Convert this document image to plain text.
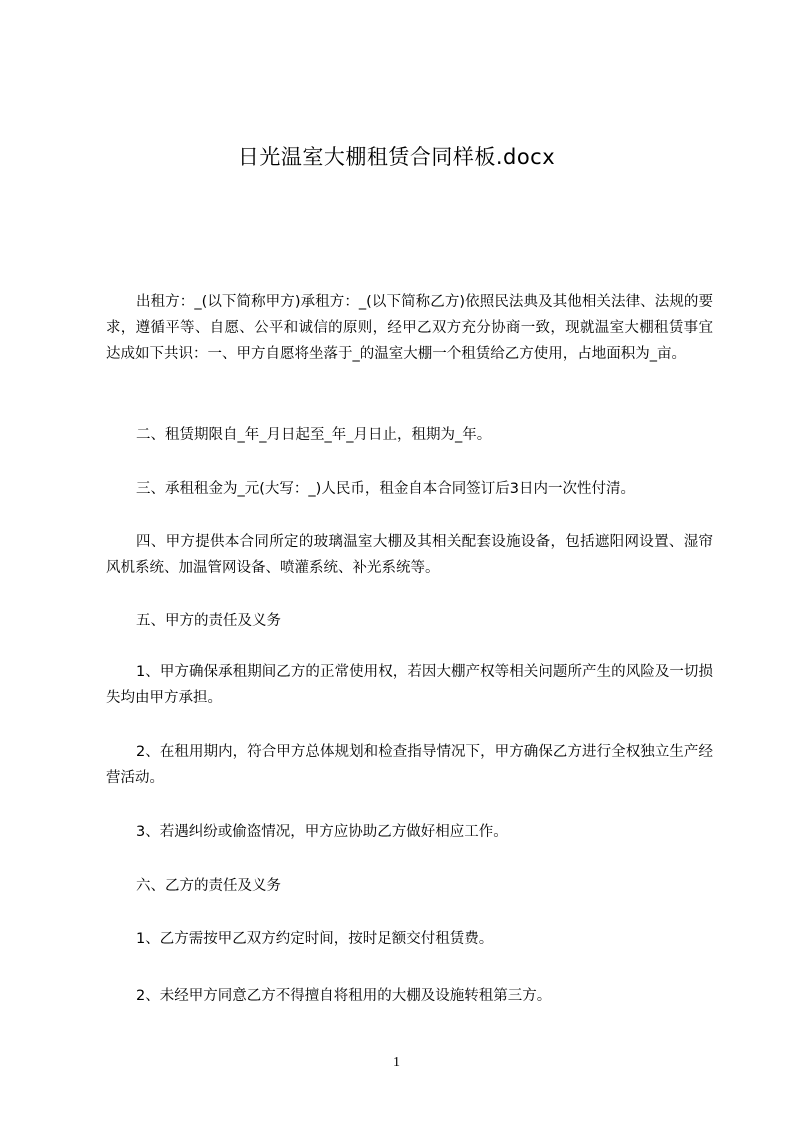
日光温室大棚租赁合同样板.docx

出租方：_(以下简称甲方)承租方：_(以下简称乙方)依照民法典及其他相关法律、法规的要求，遵循平等、自愿、公平和诚信的原则，经甲乙双方充分协商一致，现就温室大棚租赁事宜达成如下共识：一、甲方自愿将坐落于_的温室大棚一个租赁给乙方使用，占地面积为_亩。

二、租赁期限自_年_月日起至_年_月日止，租期为_年。

三、承租租金为_元(大写：_)人民币，租金自本合同签订后3日内一次性付清。

四、甲方提供本合同所定的玻璃温室大棚及其相关配套设施设备，包括遮阳网设置、湿帘风机系统、加温管网设备、喷灌系统、补光系统等。

五、甲方的责任及义务

1、甲方确保承租期间乙方的正常使用权，若因大棚产权等相关问题所产生的风险及一切损失均由甲方承担。

2、在租用期内，符合甲方总体规划和检查指导情况下，甲方确保乙方进行全权独立生产经营活动。

3、若遇纠纷或偷盗情况，甲方应协助乙方做好相应工作。

六、乙方的责任及义务

1、乙方需按甲乙双方约定时间，按时足额交付租赁费。

2、未经甲方同意乙方不得擅自将租用的大棚及设施转租第三方。

1
